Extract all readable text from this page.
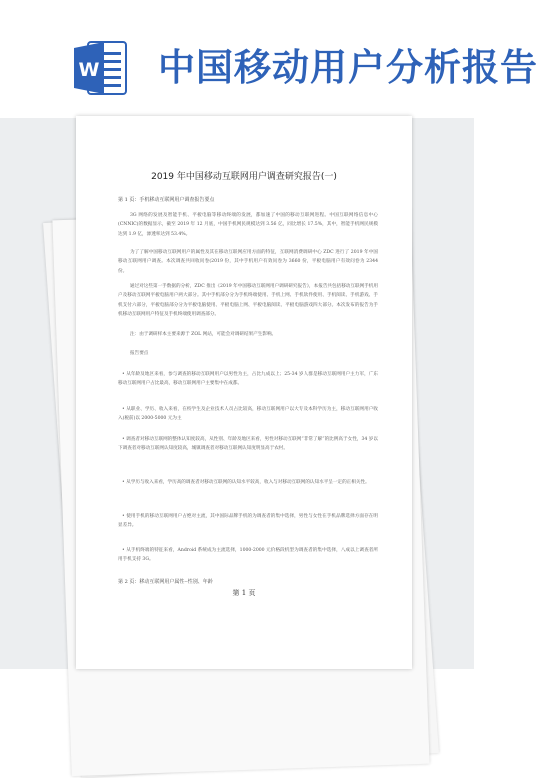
W 中国移动用户分析报告
2019 年中国移动互联网用户调查研究报告(一)
第 1 页：手机移动互联网用户调查报告要点
3G 网络的发展及智能手机、平板电脑等移动终端的发展，都加速了中国的移动互联网进程。中国互联网络信息中心(CNNIC)的数据显示，截至 2019 年 12 月底，中国手机网民规模达到 3.56 亿，同比增长 17.5%，其中，智能手机网民规模达到 1.9 亿，渗透率达到 53.4%。
为了了解中国移动互联网用户的属性及其在移动互联网应用方面的特征，互联网消费调研中心 ZDC 进行了 2019 年中国移动互联网用户调查。本次调查共回收问卷(2019 份，其中手机用户有效问卷为 3660 份，平板电脑用户有效问卷为 2344 份。
通过对这些第一手数据的分析，ZDC 推出《2019 年中国移动互联网用户调研研究报告》，本报告共包括移动互联网手机用户及移动互联网平板电脑用户两大部分。其中手机部分分为手机终端使用、手机上网、手机软件使用、手机阅读、手机游戏、手机支付六部分，平板电脑部分分为平板电脑使用、平板电脑上网、平板电脑阅读、平板电脑游戏四大部分。本次发布的报告为手机移动互联网用户特征及手机终端使用调查部分。
注：由于调研样本主要来源于 ZOL 网站，可能会对调研结果产生影响。
报告要点
• 从年龄及地区来看，参与调查的移动互联网用户以男性为主，占比九成以上；25-34 岁人群是移动互联网用户主力军，广东移动互联网用户占比最高，移动互联网用户主要集中在成都。
• 从职业、学历、收入来看，在校学生及企业技术人员占比较高，移动互联网用户以大专及本科学历为主，移动互联网用户收入(税前)以 2000-5000 元为主
• 调查者对移动互联网的整体认知度较高，从性别、年龄及地区来看，男性对移动互联网“非常了解”的比例高于女性，34 岁以下调查者对移动互联网认知度较高，城镇调查者对移动互联网认知度明显高于农村。
• 从学历与收入来看，学历高的调查者对移动互联网的认知水平较高，收入与对移动互联网的认知水平呈一定的正相关性。
• 使用手机的移动互联网用户占绝对主流，其中国际品牌手机的为调查者的集中选择，男性与女性在手机品牌选择方面存在明显差异。
• 从手机终端的特征来看，Android 系统成为主流选择，1000-2000 元价格段机型为调查者的集中选择，八成以上调查者所用手机支持 3G。
第 2 页：移动互联网用户属性--性别、年龄
第 1 页
